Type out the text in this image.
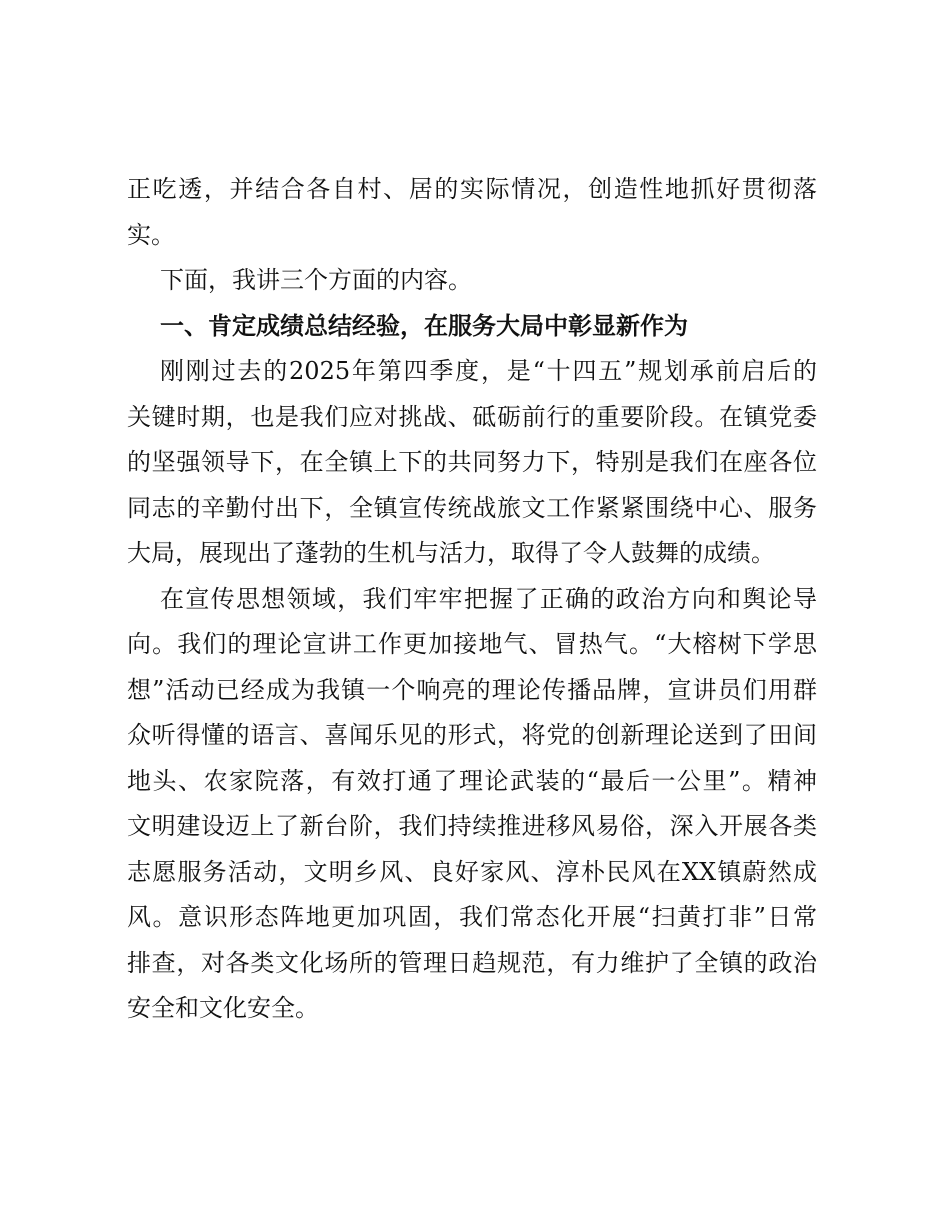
正吃透，并结合各自村、居的实际情况，创造性地抓好贯彻落
实。
下面，我讲三个方面的内容。
一、肯定成绩总结经验，在服务大局中彰显新作为
刚刚过去的2025年第四季度，是“十四五”规划承前启后的
关键时期，也是我们应对挑战、砥砺前行的重要阶段。在镇党委
的坚强领导下，在全镇上下的共同努力下，特别是我们在座各位
同志的辛勤付出下，全镇宣传统战旅文工作紧紧围绕中心、服务
大局，展现出了蓬勃的生机与活力，取得了令人鼓舞的成绩。
在宣传思想领域，我们牢牢把握了正确的政治方向和舆论导
向。我们的理论宣讲工作更加接地气、冒热气。“大榕树下学思
想”活动已经成为我镇一个响亮的理论传播品牌，宣讲员们用群
众听得懂的语言、喜闻乐见的形式，将党的创新理论送到了田间
地头、农家院落，有效打通了理论武装的“最后一公里”。精神
文明建设迈上了新台阶，我们持续推进移风易俗，深入开展各类
志愿服务活动，文明乡风、良好家风、淳朴民风在XX镇蔚然成
风。意识形态阵地更加巩固，我们常态化开展“扫黄打非”日常
排查，对各类文化场所的管理日趋规范，有力维护了全镇的政治
安全和文化安全。
